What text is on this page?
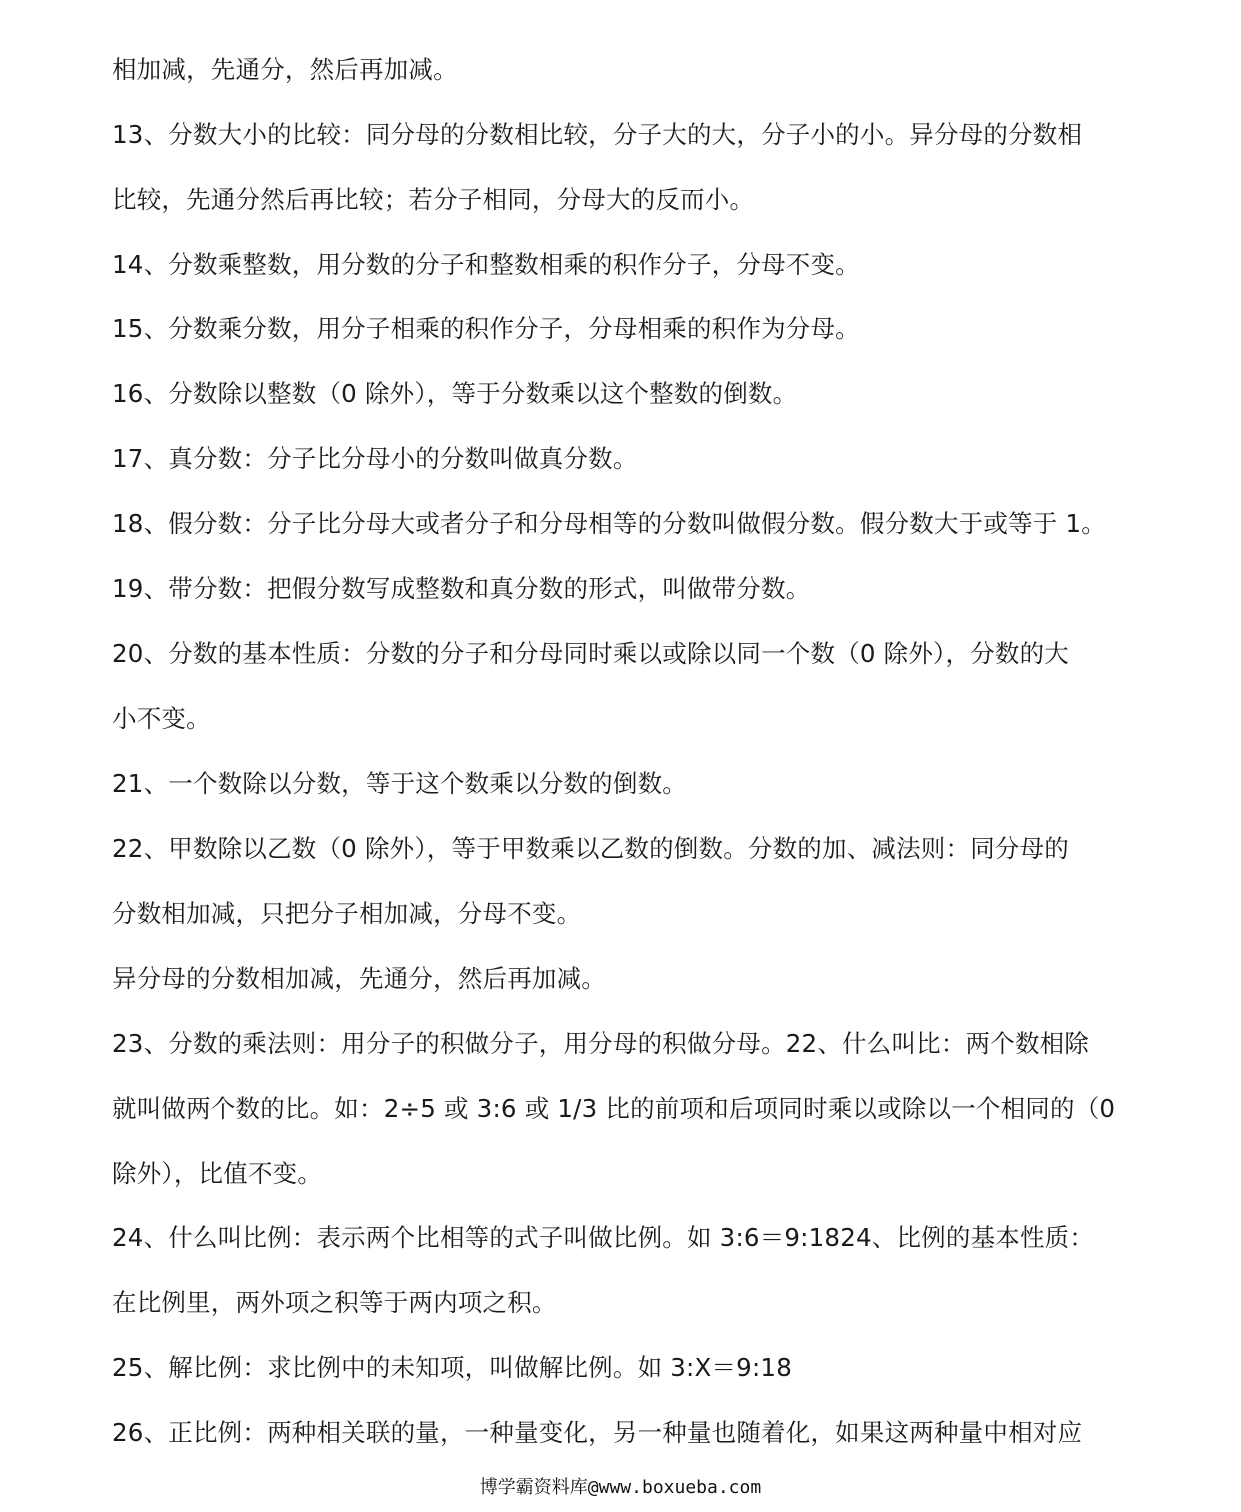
相加减，先通分，然后再加减。
13、分数大小的比较：同分母的分数相比较，分子大的大，分子小的小。异分母的分数相
比较，先通分然后再比较；若分子相同，分母大的反而小。
14、分数乘整数，用分数的分子和整数相乘的积作分子，分母不变。
15、分数乘分数，用分子相乘的积作分子，分母相乘的积作为分母。
16、分数除以整数（0 除外），等于分数乘以这个整数的倒数。
17、真分数：分子比分母小的分数叫做真分数。
18、假分数：分子比分母大或者分子和分母相等的分数叫做假分数。假分数大于或等于 1。
19、带分数：把假分数写成整数和真分数的形式，叫做带分数。
20、分数的基本性质：分数的分子和分母同时乘以或除以同一个数（0 除外），分数的大
小不变。
21、一个数除以分数，等于这个数乘以分数的倒数。
22、甲数除以乙数（0 除外），等于甲数乘以乙数的倒数。分数的加、减法则：同分母的
分数相加减，只把分子相加减，分母不变。
异分母的分数相加减，先通分，然后再加减。
23、分数的乘法则：用分子的积做分子，用分母的积做分母。22、什么叫比：两个数相除
就叫做两个数的比。如：2÷5 或 3:6 或 1/3 比的前项和后项同时乘以或除以一个相同的（0
除外），比值不变。
24、什么叫比例：表示两个比相等的式子叫做比例。如 3:6＝9:1824、比例的基本性质：
在比例里，两外项之积等于两内项之积。
25、解比例：求比例中的未知项，叫做解比例。如 3:X＝9:18
26、正比例：两种相关联的量，一种量变化，另一种量也随着化，如果这两种量中相对应
博学霸资料库@www.boxueba.com
